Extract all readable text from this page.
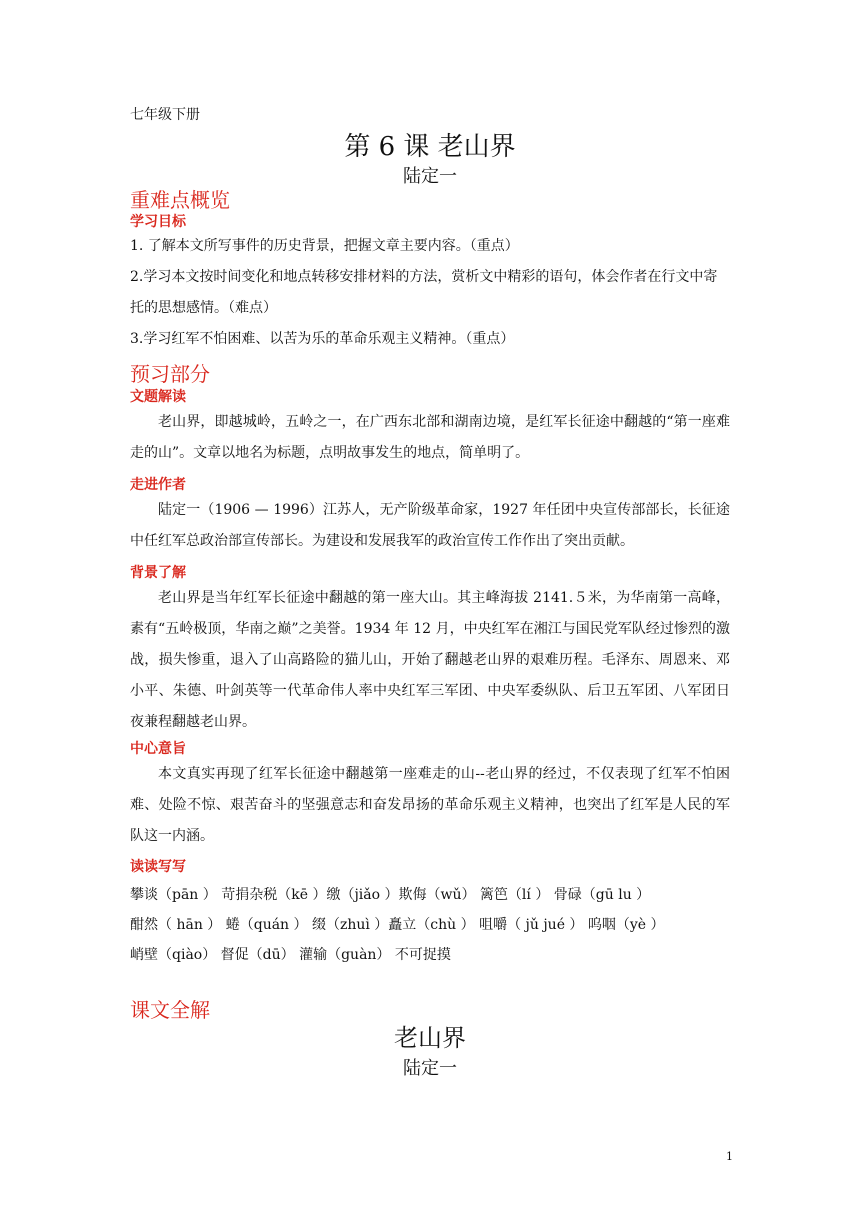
七年级下册
第 6 课 老山界
陆定一
重难点概览
学习目标
1. 了解本文所写事件的历史背景，把握文章主要内容。（重点）
2.学习本文按时间变化和地点转移安排材料的方法，赏析文中精彩的语句，体会作者在行文中寄托的思想感情。（难点）
3.学习红军不怕困难、以苦为乐的革命乐观主义精神。（重点）
预习部分
文题解读
老山界，即越城岭，五岭之一，在广西东北部和湖南边境，是红军长征途中翻越的“第一座难走的山”。文章以地名为标题，点明故事发生的地点，简单明了。
走进作者
陆定一（1906 — 1996）江苏人，无产阶级革命家，1927 年任团中央宣传部部长，长征途中任红军总政治部宣传部长。为建设和发展我军的政治宣传工作作出了突出贡献。
背景了解
老山界是当年红军长征途中翻越的第一座大山。其主峰海拔 2141.５米，为华南第一高峰，素有“五岭极顶，华南之巅”之美誉。1934 年 12 月，中央红军在湘江与国民党军队经过惨烈的激战，损失惨重，退入了山高路险的猫儿山，开始了翻越老山界的艰难历程。毛泽东、周恩来、邓小平、朱德、叶剑英等一代革命伟人率中央红军三军团、中央军委纵队、后卫五军团、八军团日夜兼程翻越老山界。
中心意旨
本文真实再现了红军长征途中翻越第一座难走的山--老山界的经过，不仅表现了红军不怕困难、处险不惊、艰苦奋斗的坚强意志和奋发昂扬的革命乐观主义精神，也突出了红军是人民的军队这一内涵。
读读写写
攀谈（pān ） 苛捐杂税（kē ）缴（jiǎo ）欺侮（wǔ） 篱笆（lí ） 骨碌（gū lu ）
酣然（ hān ） 蜷（quán ） 缀（zhuì ）矗立（chù ） 咀嚼（ jǔ jué ） 呜咽（yè ）
峭壁（qiào） 督促（dū） 灌输（guàn） 不可捉摸
课文全解
老山界
陆定一
1
